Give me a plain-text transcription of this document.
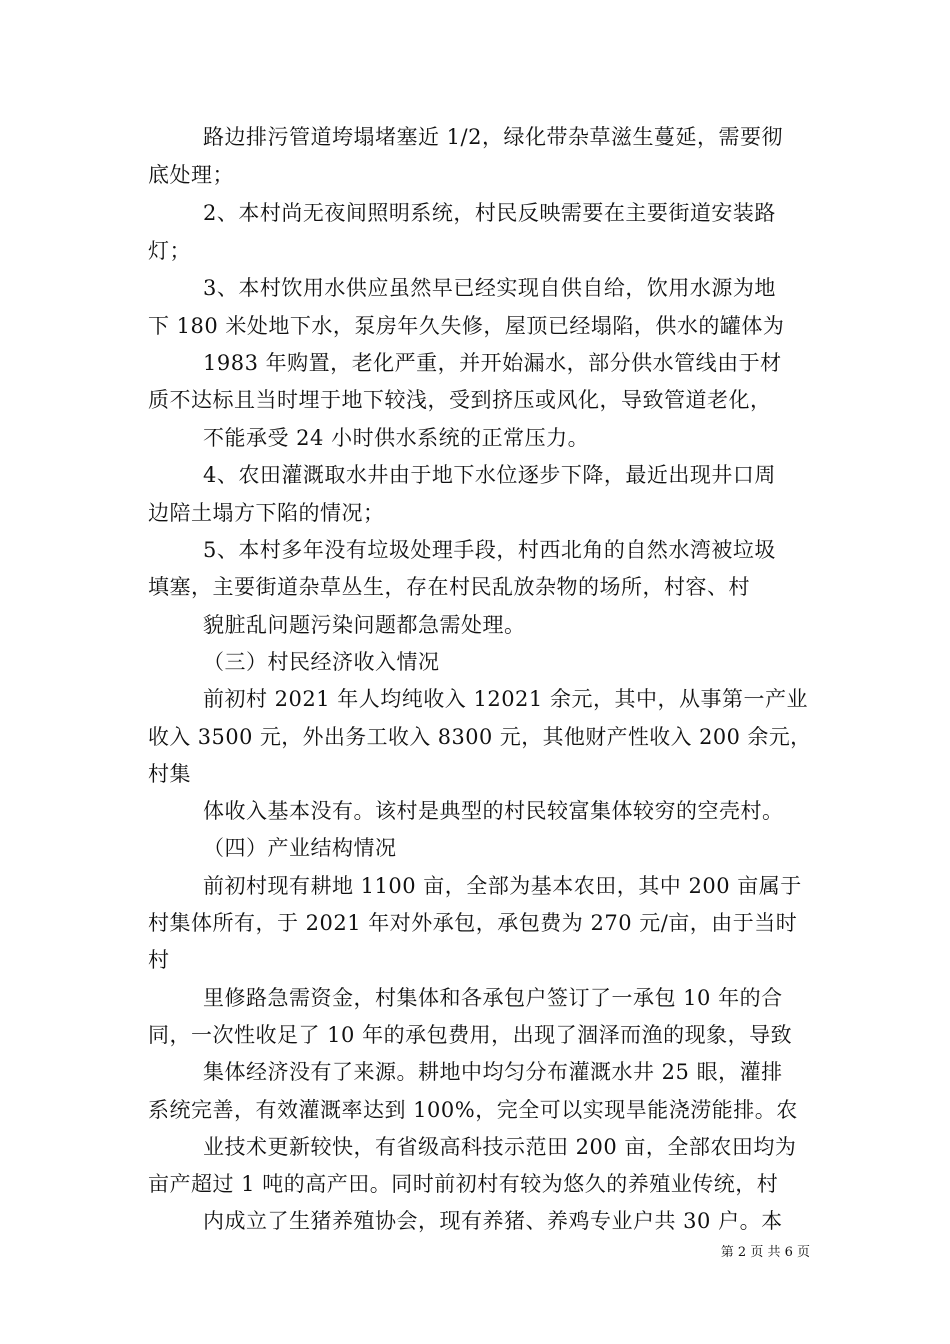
路边排污管道垮塌堵塞近 1/2，绿化带杂草滋生蔓延，需要彻
底处理；
2、本村尚无夜间照明系统，村民反映需要在主要街道安装路
灯；
3、本村饮用水供应虽然早已经实现自供自给，饮用水源为地
下 180 米处地下水，泵房年久失修，屋顶已经塌陷，供水的罐体为
1983 年购置，老化严重，并开始漏水，部分供水管线由于材
质不达标且当时埋于地下较浅，受到挤压或风化，导致管道老化，
不能承受 24 小时供水系统的正常压力。
4、农田灌溉取水井由于地下水位逐步下降，最近出现井口周
边陪土塌方下陷的情况；
5、本村多年没有垃圾处理手段，村西北角的自然水湾被垃圾
填塞，主要街道杂草丛生，存在村民乱放杂物的场所，村容、村
貌脏乱问题污染问题都急需处理。
（三）村民经济收入情况
前初村 2021 年人均纯收入 12021 余元，其中，从事第一产业
收入 3500 元，外出务工收入 8300 元，其他财产性收入 200 余元，
村集
体收入基本没有。该村是典型的村民较富集体较穷的空壳村。
（四）产业结构情况
前初村现有耕地 1100 亩，全部为基本农田，其中 200 亩属于
村集体所有，于 2021 年对外承包，承包费为 270 元/亩，由于当时
村
里修路急需资金，村集体和各承包户签订了一承包 10 年的合
同，一次性收足了 10 年的承包费用，出现了涸泽而渔的现象，导致
集体经济没有了来源。耕地中均匀分布灌溉水井 25 眼，灌排
系统完善，有效灌溉率达到 100%，完全可以实现旱能浇涝能排。农
业技术更新较快，有省级高科技示范田 200 亩，全部农田均为
亩产超过 1 吨的高产田。同时前初村有较为悠久的养殖业传统，村
内成立了生猪养殖协会，现有养猪、养鸡专业户共 30 户。本
第 2 页 共 6 页
